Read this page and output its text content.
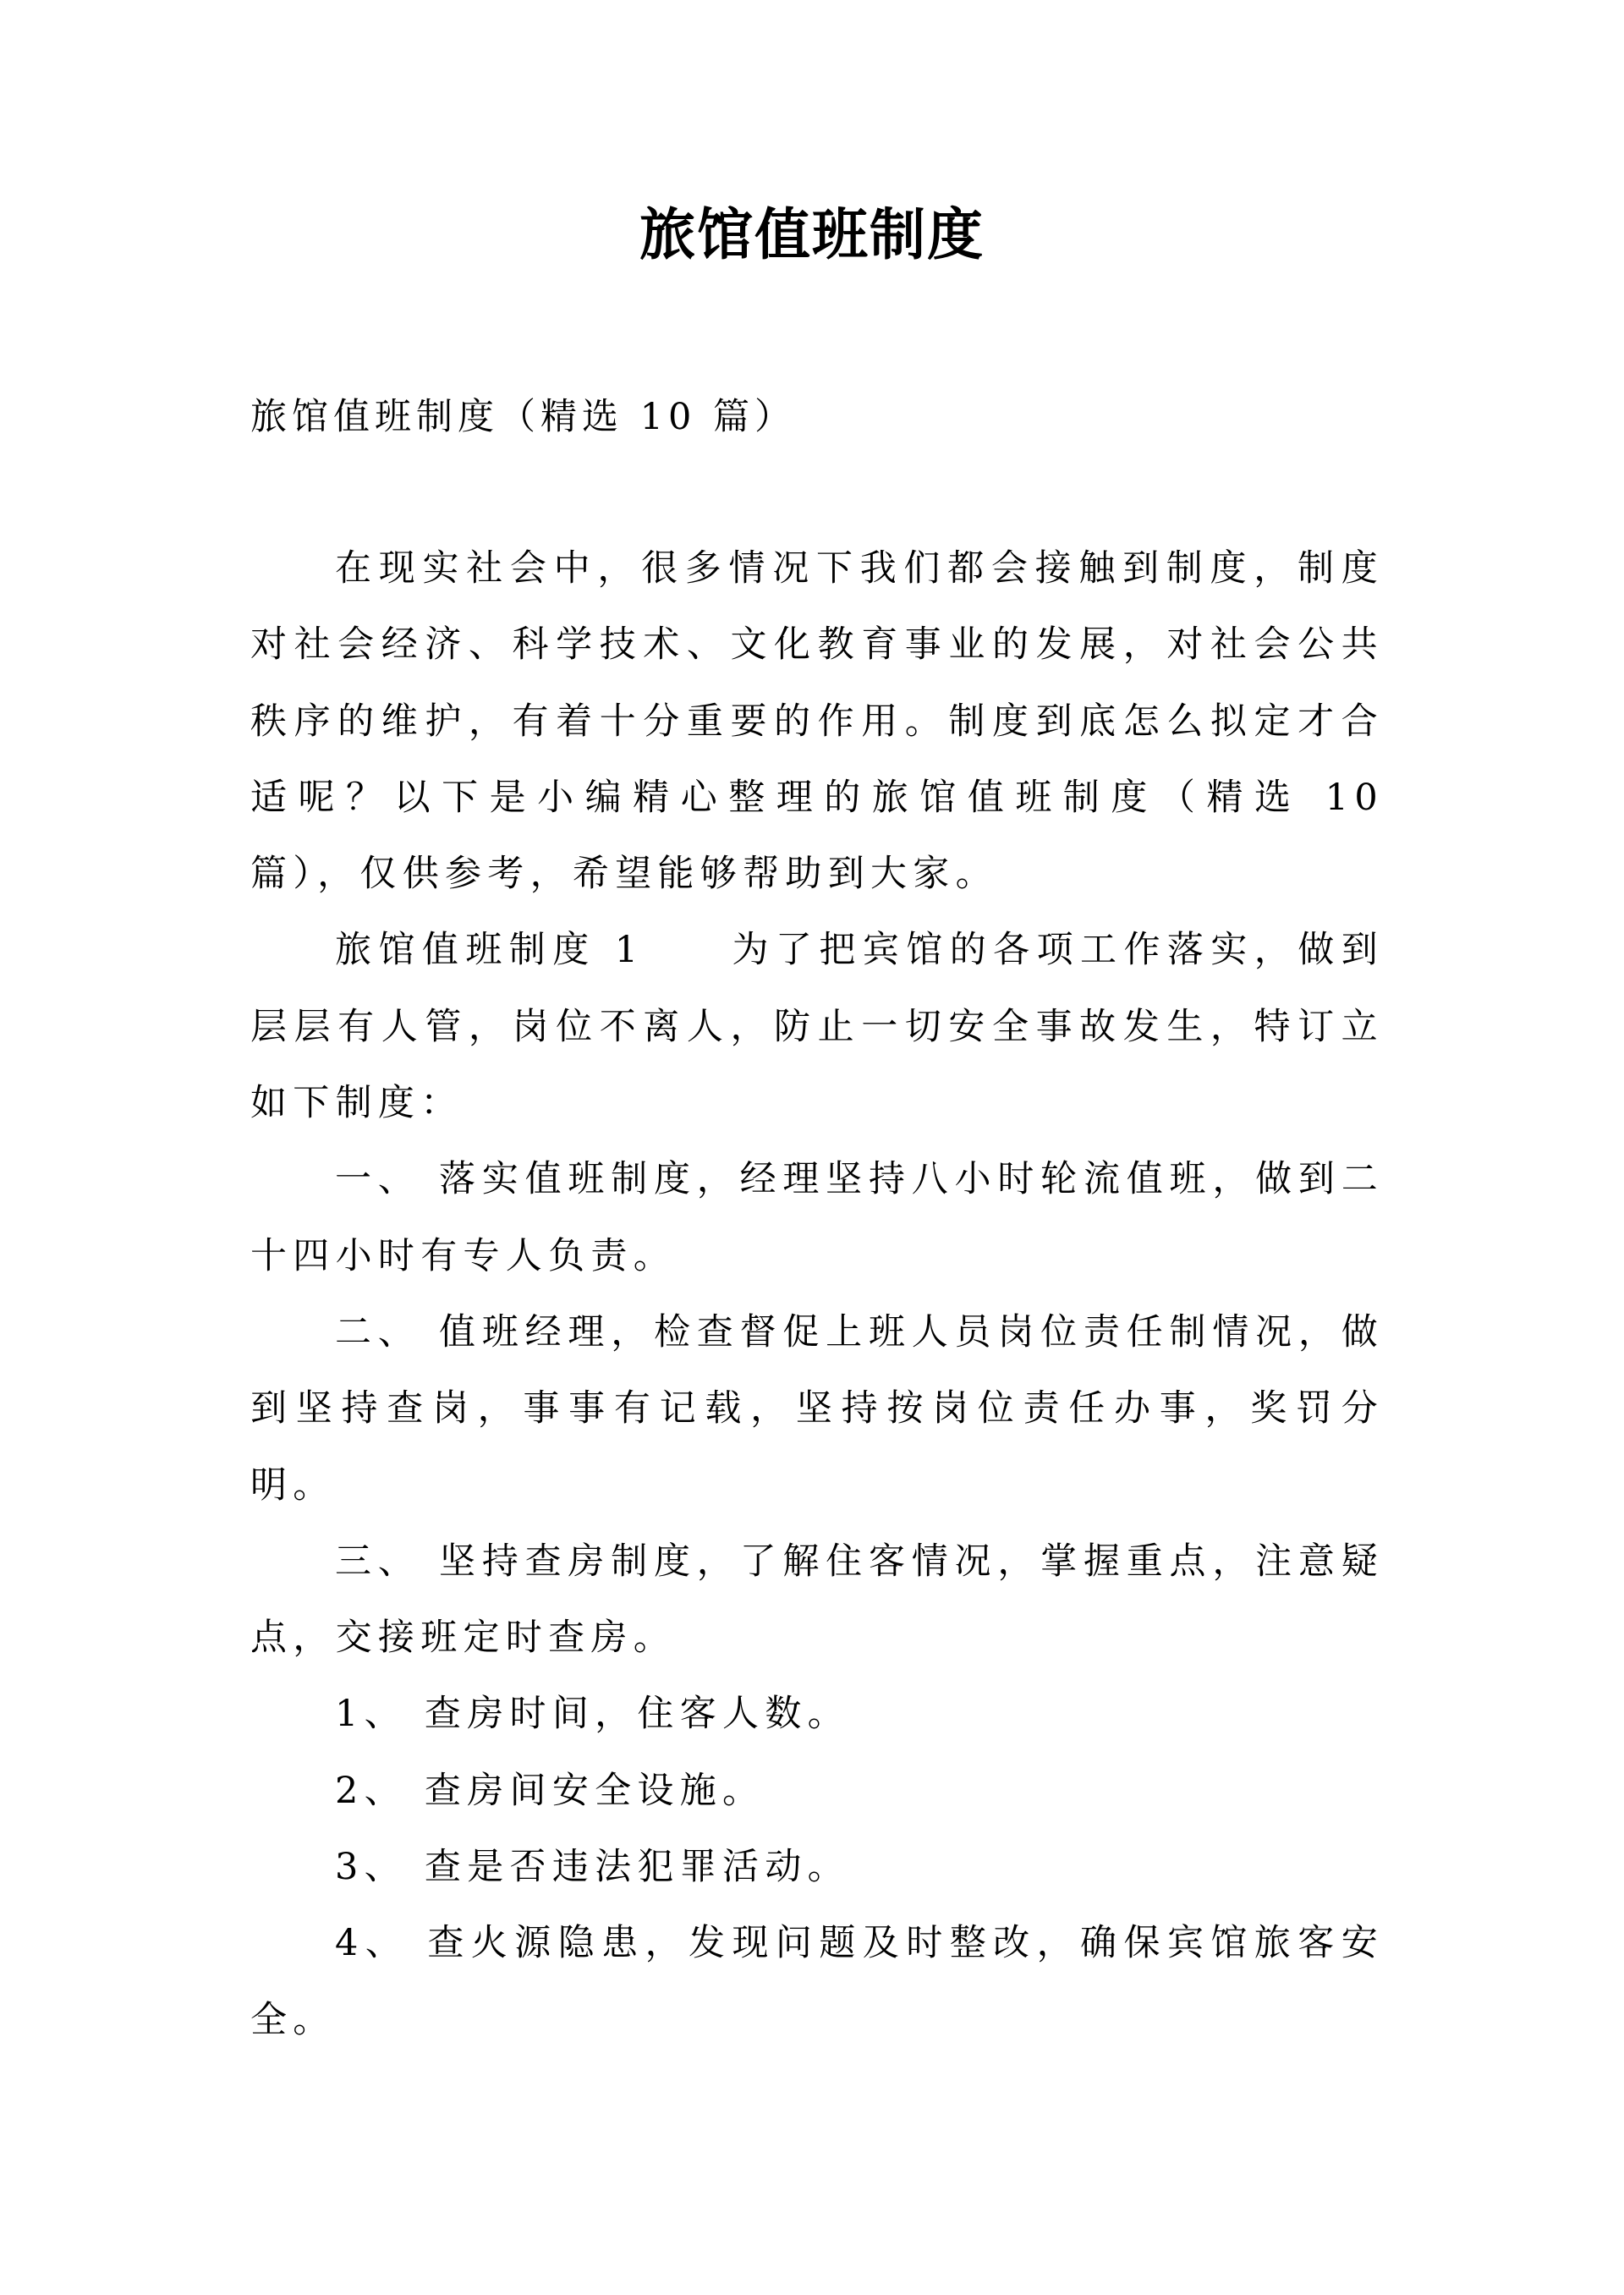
旅馆值班制度

旅馆值班制度（精选 10 篇）

在现实社会中，很多情况下我们都会接触到制度，制度对社会经济、科学技术、文化教育事业的发展，对社会公共秩序的维护，有着十分重要的作用。制度到底怎么拟定才合适呢？以下是小编精心整理的旅馆值班制度（精选 10 篇），仅供参考，希望能够帮助到大家。

旅馆值班制度 1　　为了把宾馆的各项工作落实，做到层层有人管，岗位不离人，防止一切安全事故发生，特订立如下制度：

一、 落实值班制度，经理坚持八小时轮流值班，做到二十四小时有专人负责。

二、 值班经理，检查督促上班人员岗位责任制情况，做到坚持查岗，事事有记载，坚持按岗位责任办事，奖罚分明。

三、 坚持查房制度，了解住客情况，掌握重点，注意疑点，交接班定时查房。

1、 查房时间，住客人数。

2、 查房间安全设施。

3、 查是否违法犯罪活动。

4、 查火源隐患，发现问题及时整改，确保宾馆旅客安全。
